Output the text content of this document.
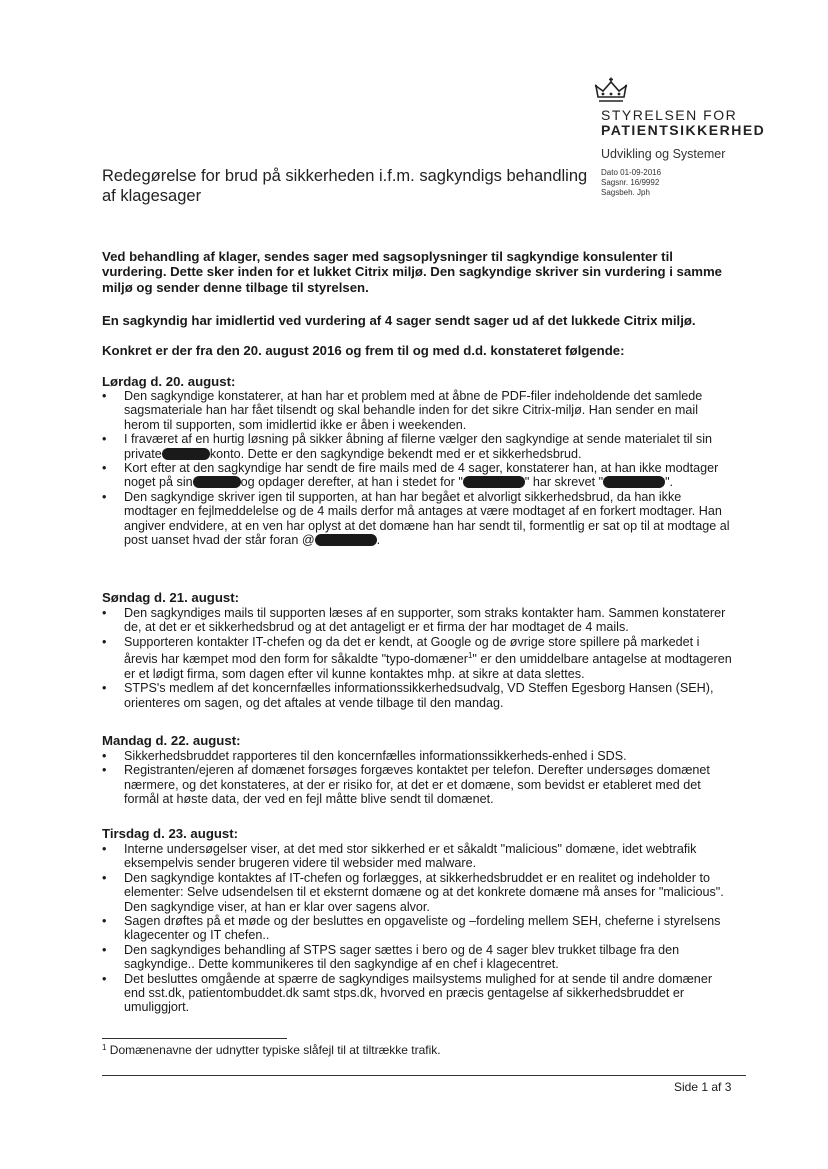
STYRELSEN FOR
PATIENTSIKKERHED
Udvikling og Systemer
Dato 01-09-2016
Sagsnr. 16/9992
Sagsbeh. Jph
Redegørelse for brud på sikkerheden i.f.m. sagkyndigs behandling af klagesager
Ved behandling af klager, sendes sager med sagsoplysninger til sagkyndige konsulenter til vurdering. Dette sker inden for et lukket Citrix miljø. Den sagkyndige skriver sin vurdering i samme miljø og sender denne tilbage til styrelsen.
En sagkyndig har imidlertid ved vurdering af 4 sager sendt sager ud af det lukkede Citrix miljø.
Konkret er der fra den 20. august 2016 og frem til og med d.d. konstateret følgende:
Lørdag d. 20. august:
• Den sagkyndige konstaterer, at han har et problem med at åbne de PDF-filer indeholdende det samlede sagsmateriale han har fået tilsendt og skal behandle inden for det sikre Citrix-miljø. Han sender en mail herom til supporten, som imidlertid ikke er åben i weekenden.
• I fraværet af en hurtig løsning på sikker åbning af filerne vælger den sagkyndige at sende materialet til sin private	konto. Dette er den sagkyndige bekendt med er et sikkerhedsbrud.
• Kort efter at den sagkyndige har sendt de fire mails med de 4 sager, konstaterer han, at han ikke modtager noget på sin	og opdager derefter, at han i stedet for "	" har skrevet "	".
• Den sagkyndige skriver igen til supporten, at han har begået et alvorligt sikkerhedsbrud, da han ikke modtager en fejlmeddelelse og de 4 mails derfor må antages at være modtaget af en forkert modtager. Han angiver endvidere, at en ven har oplyst at det domæne han har sendt til, formentlig er sat op til at modtage al post uanset hvad der står foran @	.
Søndag d. 21. august:
• Den sagkyndiges mails til supporten læses af en supporter, som straks kontakter ham. Sammen konstaterer de, at det er et sikkerhedsbrud og at det antageligt er et firma der har modtaget de 4 mails.
• Supporteren kontakter IT-chefen og da det er kendt, at Google og de øvrige store spillere på markedet i årevis har kæmpet mod den form for såkaldte "typo-domæner$^1$" er den umiddelbare antagelse at modtageren er et lødigt firma, som dagen efter vil kunne kontaktes mhp. at sikre at data slettes.
• STPS's medlem af det koncernfælles informationssikkerhedsudvalg, VD Steffen Egesborg Hansen (SEH), orienteres om sagen, og det aftales at vende tilbage til den mandag.
Mandag d. 22. august:
• Sikkerhedsbruddet rapporteres til den koncernfælles informationssikkerheds-enhed i SDS.
• Registranten/ejeren af domænet forsøges forgæves kontaktet per telefon. Derefter undersøges domænet nærmere, og det konstateres, at der er risiko for, at det er et domæne, som bevidst er etableret med det formål at høste data, der ved en fejl måtte blive sendt til domænet.
Tirsdag d. 23. august:
• Interne undersøgelser viser, at det med stor sikkerhed er et såkaldt "malicious" domæne, idet webtrafik eksempelvis sender brugeren videre til websider med malware.
• Den sagkyndige kontaktes af IT-chefen og forlægges, at sikkerhedsbruddet er en realitet og indeholder to elementer: Selve udsendelsen til et eksternt domæne og at det konkrete domæne må anses for "malicious". Den sagkyndige viser, at han er klar over sagens alvor.
• Sagen drøftes på et møde og der besluttes en opgaveliste og –fordeling mellem SEH, cheferne i styrelsens klagecenter og IT chefen..
• Den sagkyndiges behandling af STPS sager sættes i bero og de 4 sager blev trukket tilbage fra den sagkyndige.. Dette kommunikeres til den sagkyndige af en chef i klagecentret.
• Det besluttes omgående at spærre de sagkyndiges mailsystems mulighed for at sende til andre domæner end sst.dk, patientombuddet.dk samt stps.dk, hvorved en præcis gentagelse af sikkerhedsbruddet er umuliggjort.
$^1$ Domænenavne der udnytter typiske slåfejl til at tiltrække trafik.
Side 1 af 3
